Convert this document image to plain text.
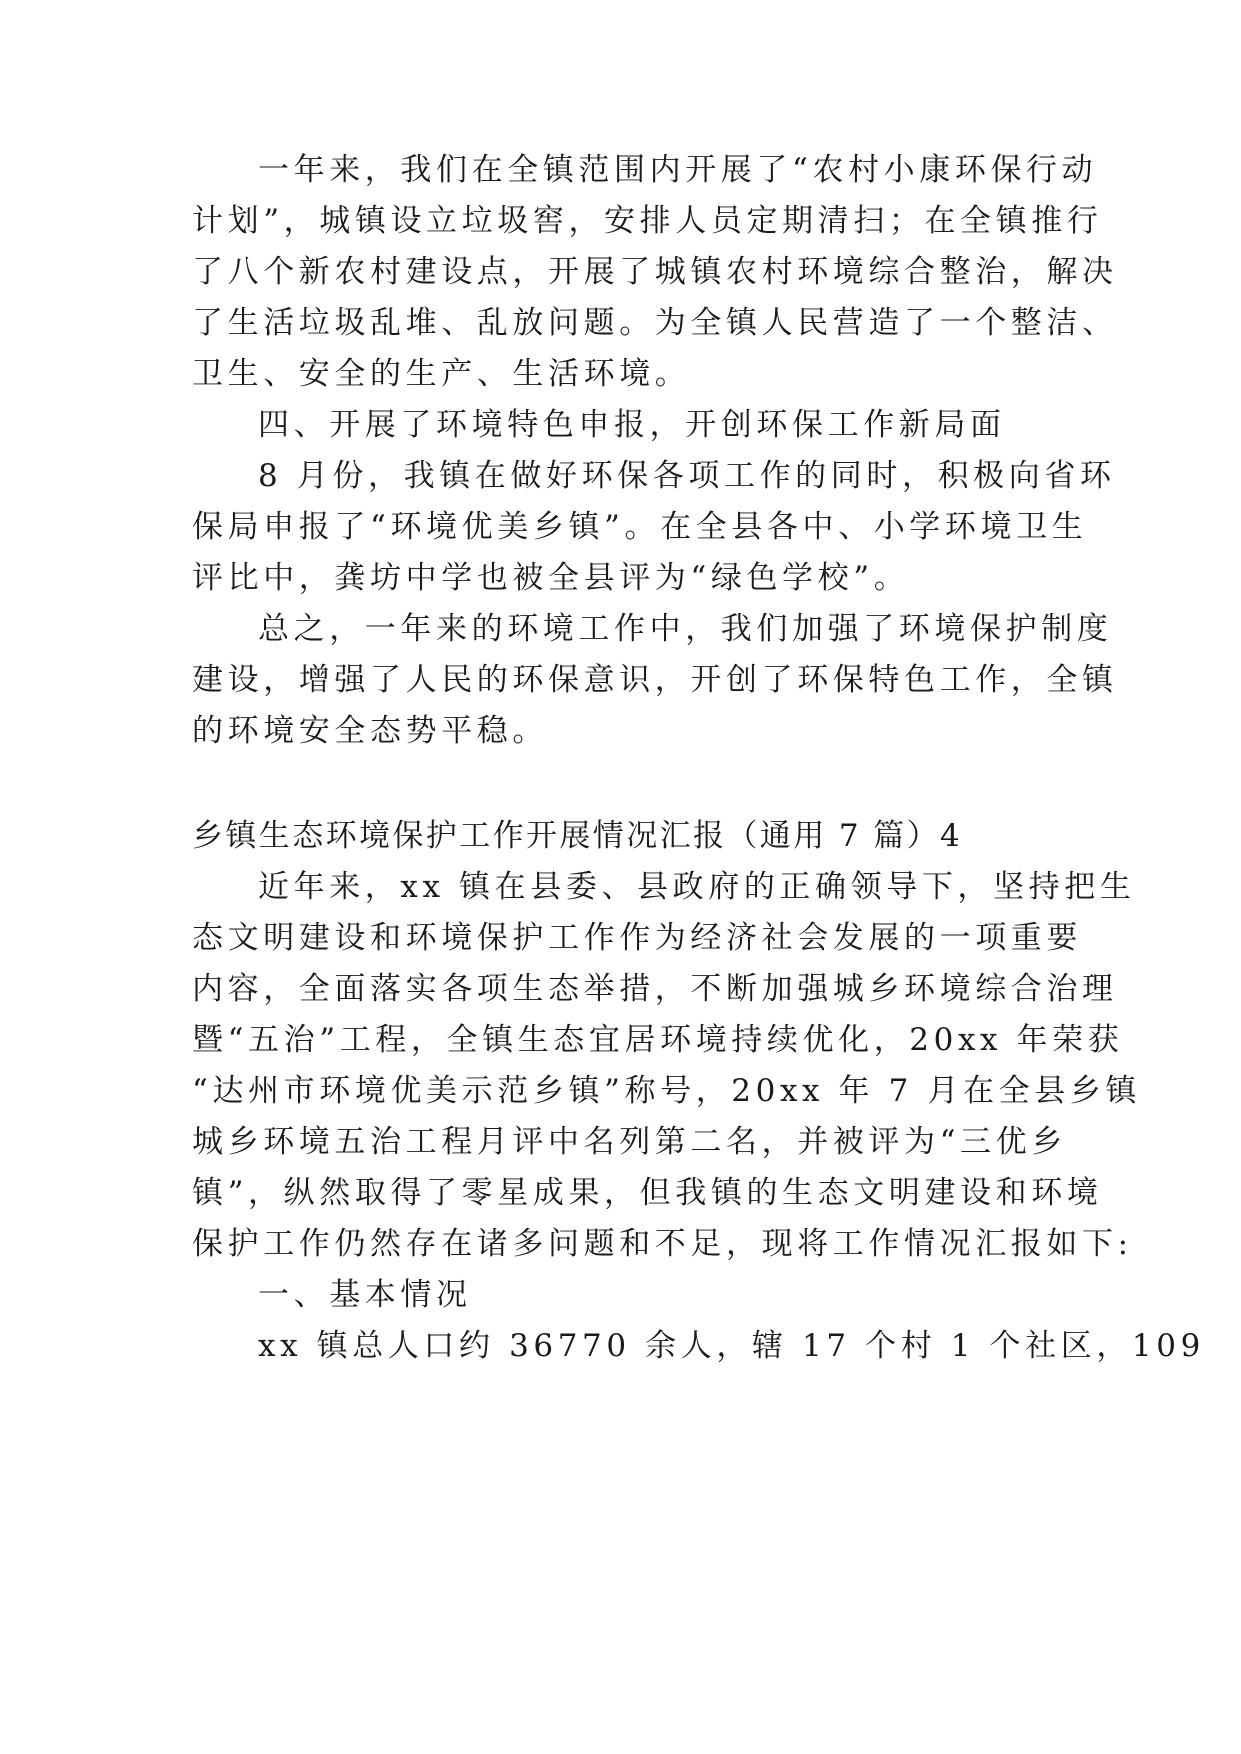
一年来，我们在全镇范围内开展了“农村小康环保行动
计划”，城镇设立垃圾窖，安排人员定期清扫；在全镇推行
了八个新农村建设点，开展了城镇农村环境综合整治，解决
了生活垃圾乱堆、乱放问题。为全镇人民营造了一个整洁、
卫生、安全的生产、生活环境。
四、开展了环境特色申报，开创环保工作新局面
8 月份，我镇在做好环保各项工作的同时，积极向省环
保局申报了“环境优美乡镇”。在全县各中、小学环境卫生
评比中，龚坊中学也被全县评为“绿色学校”。
总之，一年来的环境工作中，我们加强了环境保护制度
建设，增强了人民的环保意识，开创了环保特色工作，全镇
的环境安全态势平稳。
乡镇生态环境保护工作开展情况汇报（通用 7 篇）4
近年来，xx 镇在县委、县政府的正确领导下，坚持把生
态文明建设和环境保护工作作为经济社会发展的一项重要
内容，全面落实各项生态举措，不断加强城乡环境综合治理
暨“五治”工程，全镇生态宜居环境持续优化，20xx 年荣获
“达州市环境优美示范乡镇”称号，20xx 年 7 月在全县乡镇
城乡环境五治工程月评中名列第二名，并被评为“三优乡
镇”，纵然取得了零星成果，但我镇的生态文明建设和环境
保护工作仍然存在诸多问题和不足，现将工作情况汇报如下:
一、基本情况
xx 镇总人口约 36770 余人，辖 17 个村 1 个社区，109
